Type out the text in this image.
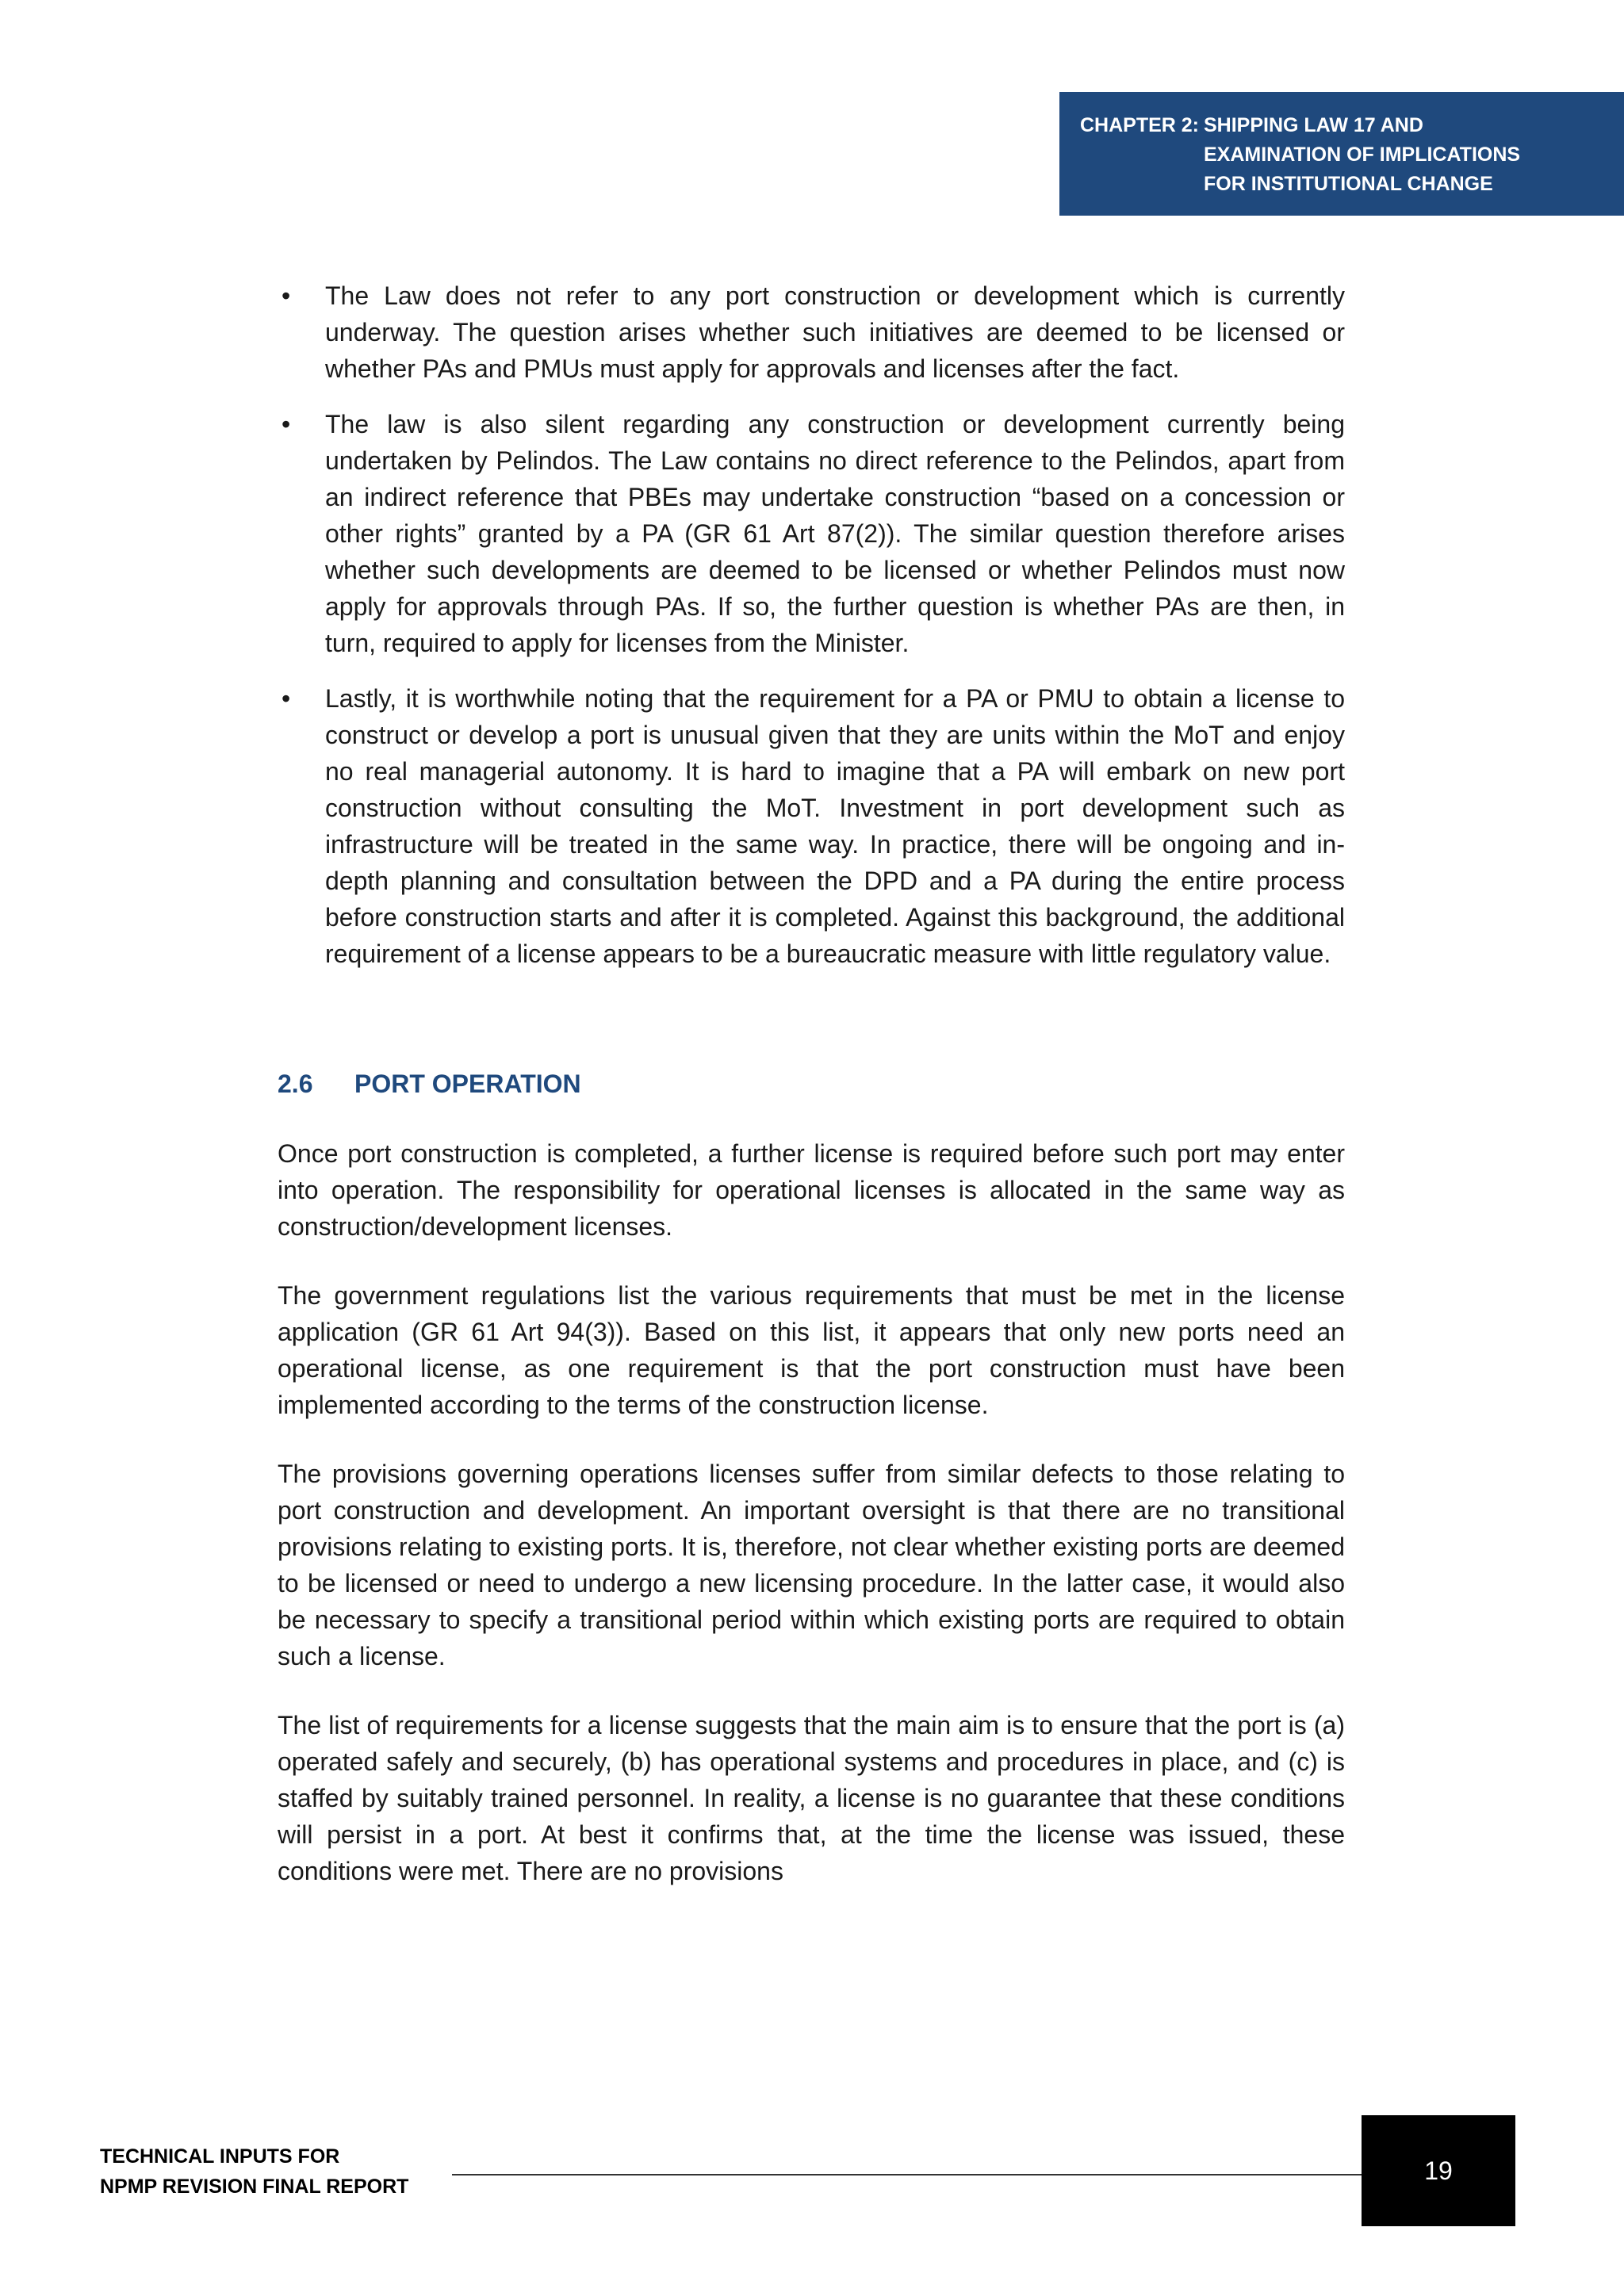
CHAPTER 2: SHIPPING LAW 17 AND
EXAMINATION OF IMPLICATIONS
FOR INSTITUTIONAL CHANGE
• The Law does not refer to any port construction or development which is currently underway. The question arises whether such initiatives are deemed to be licensed or whether PAs and PMUs must apply for approvals and licenses after the fact.
• The law is also silent regarding any construction or development currently being undertaken by Pelindos. The Law contains no direct reference to the Pelindos, apart from an indirect reference that PBEs may undertake construction “based on a concession or other rights” granted by a PA (GR 61 Art 87(2)). The similar question therefore arises whether such developments are deemed to be licensed or whether Pelindos must now apply for approvals through PAs. If so, the further question is whether PAs are then, in turn, required to apply for licenses from the Minister.
• Lastly, it is worthwhile noting that the requirement for a PA or PMU to obtain a license to construct or develop a port is unusual given that they are units within the MoT and enjoy no real managerial autonomy. It is hard to imagine that a PA will embark on new port construction without consulting the MoT. Investment in port development such as infrastructure will be treated in the same way. In practice, there will be ongoing and in-depth planning and consultation between the DPD and a PA during the entire process before construction starts and after it is completed. Against this background, the additional requirement of a license appears to be a bureaucratic measure with little regulatory value.
2.6	PORT OPERATION

Once port construction is completed, a further license is required before such port may enter into operation. The responsibility for operational licenses is allocated in the same way as construction/development licenses.

The government regulations list the various requirements that must be met in the license application (GR 61 Art 94(3)). Based on this list, it appears that only new ports need an operational license, as one requirement is that the port construction must have been implemented according to the terms of the construction license.

The provisions governing operations licenses suffer from similar defects to those relating to port construction and development. An important oversight is that there are no transitional provisions relating to existing ports. It is, therefore, not clear whether existing ports are deemed to be licensed or need to undergo a new licensing procedure. In the latter case, it would also be necessary to specify a transitional period within which existing ports are required to obtain such a license.

The list of requirements for a license suggests that the main aim is to ensure that the port is (a) operated safely and securely, (b) has operational systems and procedures in place, and (c) is staffed by suitably trained personnel. In reality, a license is no guarantee that these conditions will persist in a port. At best it confirms that, at the time the license was issued, these conditions were met. There are no provisions

TECHNICAL INPUTS FOR
NPMP REVISION FINAL REPORT
19
